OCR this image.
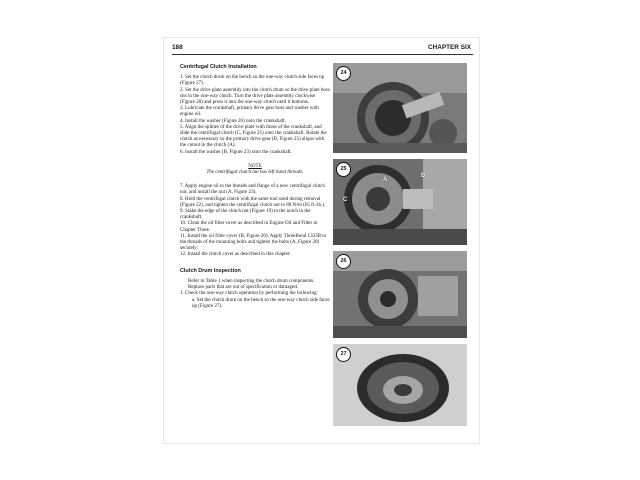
188	CHAPTER SIX

Centrifugal Clutch Installation

1. Set the clutch drum on the bench so the one-way clutch side faces up (Figure 27).

2. Set the drive plate assembly into the clutch drum so the drive plate boss sits in the one-way clutch. Turn the drive plate assembly clockwise (Figure 28) and press it into the one-way clutch until it bottoms.

3. Lubricate the crankshaft, primary drive gear boss and washer with engine oil.

4. Install the washer (Figure 26) onto the crankshaft.

5. Align the splines of the drive plate with those of the crankshaft, and slide the centrifugal clutch (C, Figure 25) onto the crankshaft. Rotate the clutch as necessary so the primary drive gear (B, Figure 25) aligns with the cutout in the clutch (A).

6. Install the washer (B, Figure 23) onto the crankshaft.

NOTE
The centrifugal clutch nut has left hand threads.

7. Apply engine oil to the threads and flange of a new centrifugal clutch nut, and install the nut (A, Figure 23).

8. Hold the centrifugal clutch with the same tool used during removal (Figure 22), and tighten the centrifugal clutch nut to 88 N•m (65 ft.-lb.).

9. Stake the edge of the clutch nut (Figure 19) to the notch in the crankshaft.

10. Clean the oil filter cover as described in Engine Oil and Filter in Chapter Three.

11. Install the oil filter cover (B, Figure 20). Apply ThreeBond 1333B to the threads of the mounting bolts and tighten the bolts (A, Figure 20) securely.

12. Install the clutch cover as described in this chapter.

Clutch Drum Inspection

Refer to Table 1 when inspecting the clutch drum components. Replace parts that are out of specification or damaged.

1. Check the one-way clutch operation by performing the following:

a. Set the clutch drum on the bench so the one-way clutch side faces up (Figure 27).

24
25
A
B
C
26
27
